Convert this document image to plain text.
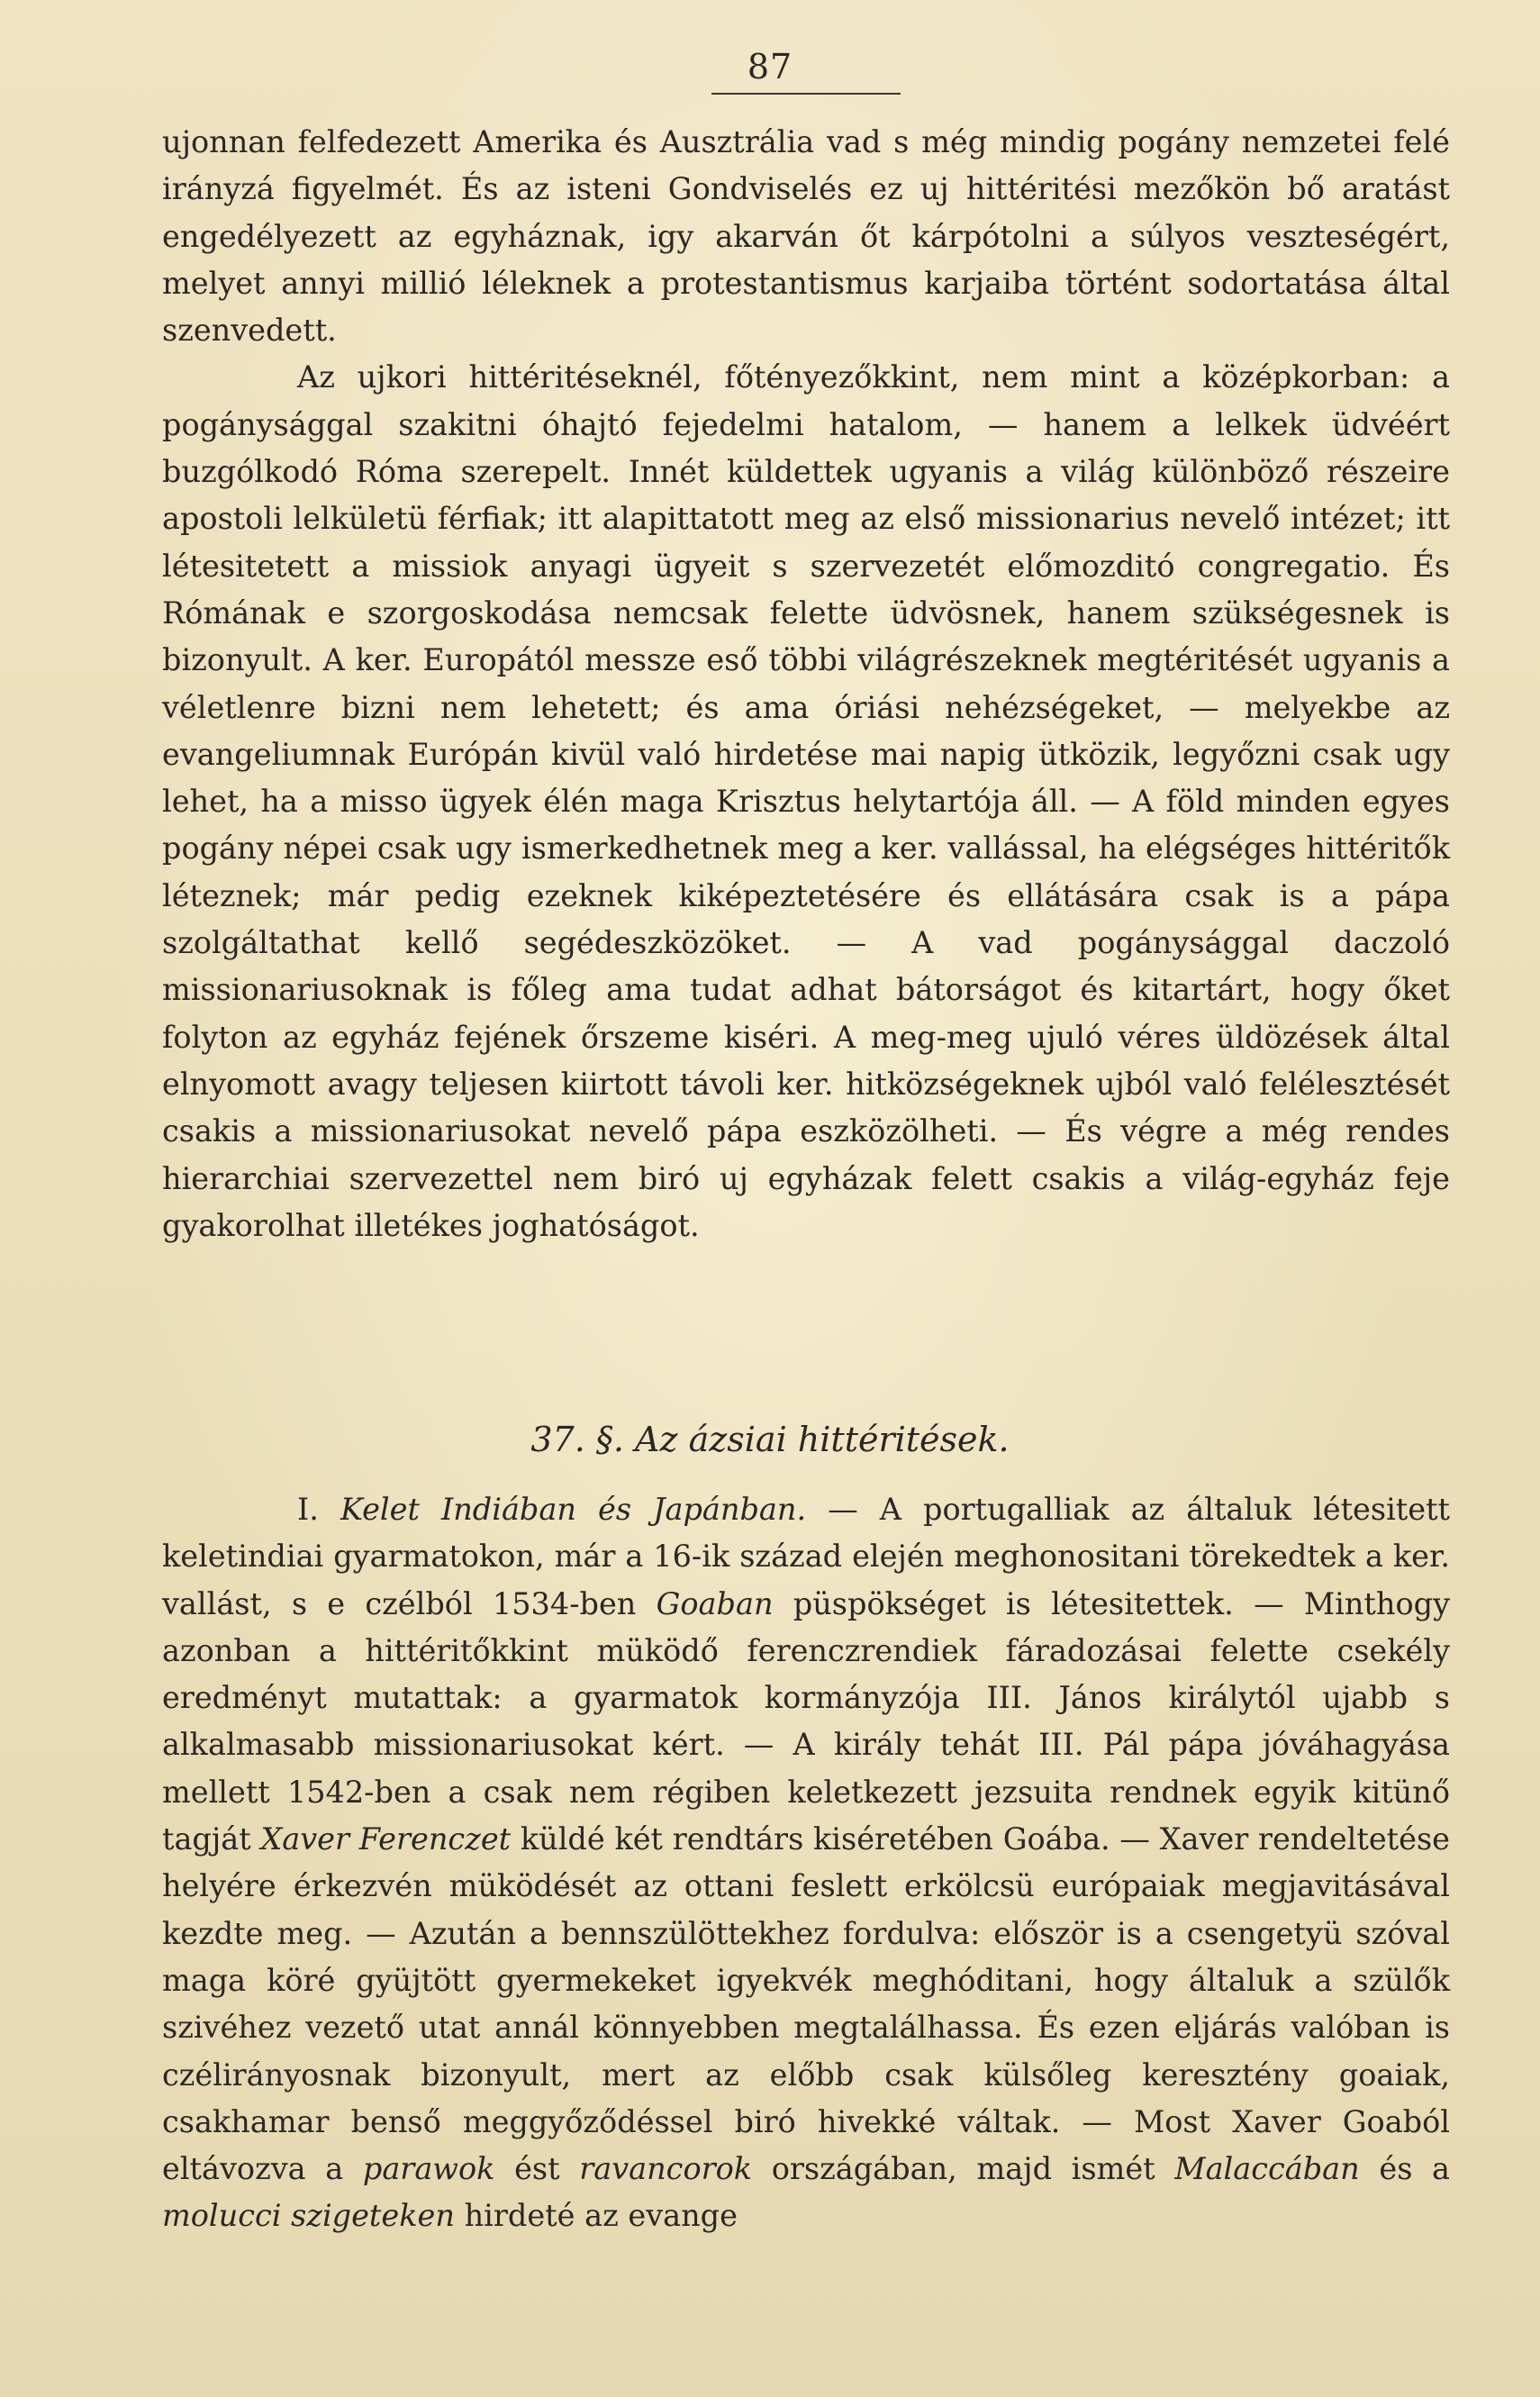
87

ujonnan felfedezett Amerika és Ausztrália vad s még mindig pogány nemzetei felé irányzá figyelmét. És az isteni Gondviselés ez uj hittéritési mezőkön bő aratást engedélyezett az egyháznak, igy akarván őt kárpótolni a súlyos veszteségért, melyet annyi millió léleknek a protestantismus karjaiba történt sodortatása által szenvedett.

Az ujkori hittéritéseknél, főtényezőkkint, nem mint a középkorban: a pogánysággal szakitni óhajtó fejedelmi hatalom, — hanem a lelkek üdvéért buzgólkodó Róma szerepelt. Innét küldettek ugyanis a világ különböző részeire apostoli lelkületü férfiak; itt alapittatott meg az első missionarius nevelő intézet; itt létesitetett a missiok anyagi ügyeit s szervezetét előmozditó congregatio. És Rómának e szorgoskodása nemcsak felette üdvösnek, hanem szükségesnek is bizonyult. A ker. Europától messze eső többi világrészeknek megtéritését ugyanis a véletlenre bizni nem lehetett; és ama óriási nehézségeket, — melyekbe az evangeliumnak Európán kivül való hirdetése mai napig ütközik, legyőzni csak ugy lehet, ha a misso ügyek élén maga Krisztus helytartója áll. — A föld minden egyes pogány népei csak ugy ismerkedhetnek meg a ker. vallással, ha elégséges hittéritők léteznek; már pedig ezeknek kiképeztetésére és ellátására csak is a pápa szolgáltathat kellő segédeszközöket. — A vad pogánysággal daczoló missionariusoknak is főleg ama tudat adhat bátorságot és kitartárt, hogy őket folyton az egyház fejének őrszeme kiséri. A meg-meg ujuló véres üldözések által elnyomott avagy teljesen kiirtott távoli ker. hitközségeknek ujból való felélesztését csakis a missionariusokat nevelő pápa eszközölheti. — És végre a még rendes hierarchiai szervezettel nem biró uj egyházak felett csakis a világ-egyház feje gyakorolhat illetékes joghatóságot.

37. §. Az ázsiai hittéritések.

I. Kelet Indiában és Japánban. — A portugalliak az általuk létesitett keletindiai gyarmatokon, már a 16-ik század elején meghonositani törekedtek a ker. vallást, s e czélból 1534-ben Goaban püspökséget is létesitettek. — Minthogy azonban a hittéritőkkint müködő ferenczrendiek fáradozásai felette csekély eredményt mutattak: a gyarmatok kormányzója III. János királytól ujabb s alkalmasabb missionariusokat kért. — A király tehát III. Pál pápa jóváhagyása mellett 1542-ben a csak nem régiben keletkezett jezsuita rendnek egyik kitünő tagját Xaver Ferenczet küldé két rendtárs kiséretében Goába. — Xaver rendeltetése helyére érkezvén müködését az ottani feslett erkölcsü európaiak megjavitásával kezdte meg. — Azután a bennszülöttekhez fordulva: először is a csengetyü szóval maga köré gyüjtött gyermekeket igyekvék meghóditani, hogy általuk a szülők szivéhez vezető utat annál könnyebben megtalálhassa. És ezen eljárás valóban is czélirányosnak bizonyult, mert az előbb csak külsőleg keresztény goaiak, csakhamar benső meggyőződéssel biró hivekké váltak. — Most Xaver Goaból eltávozva a parawok ést ravancorok országában, majd ismét Malaccában és a molucci szigeteken hirdeté az evange
